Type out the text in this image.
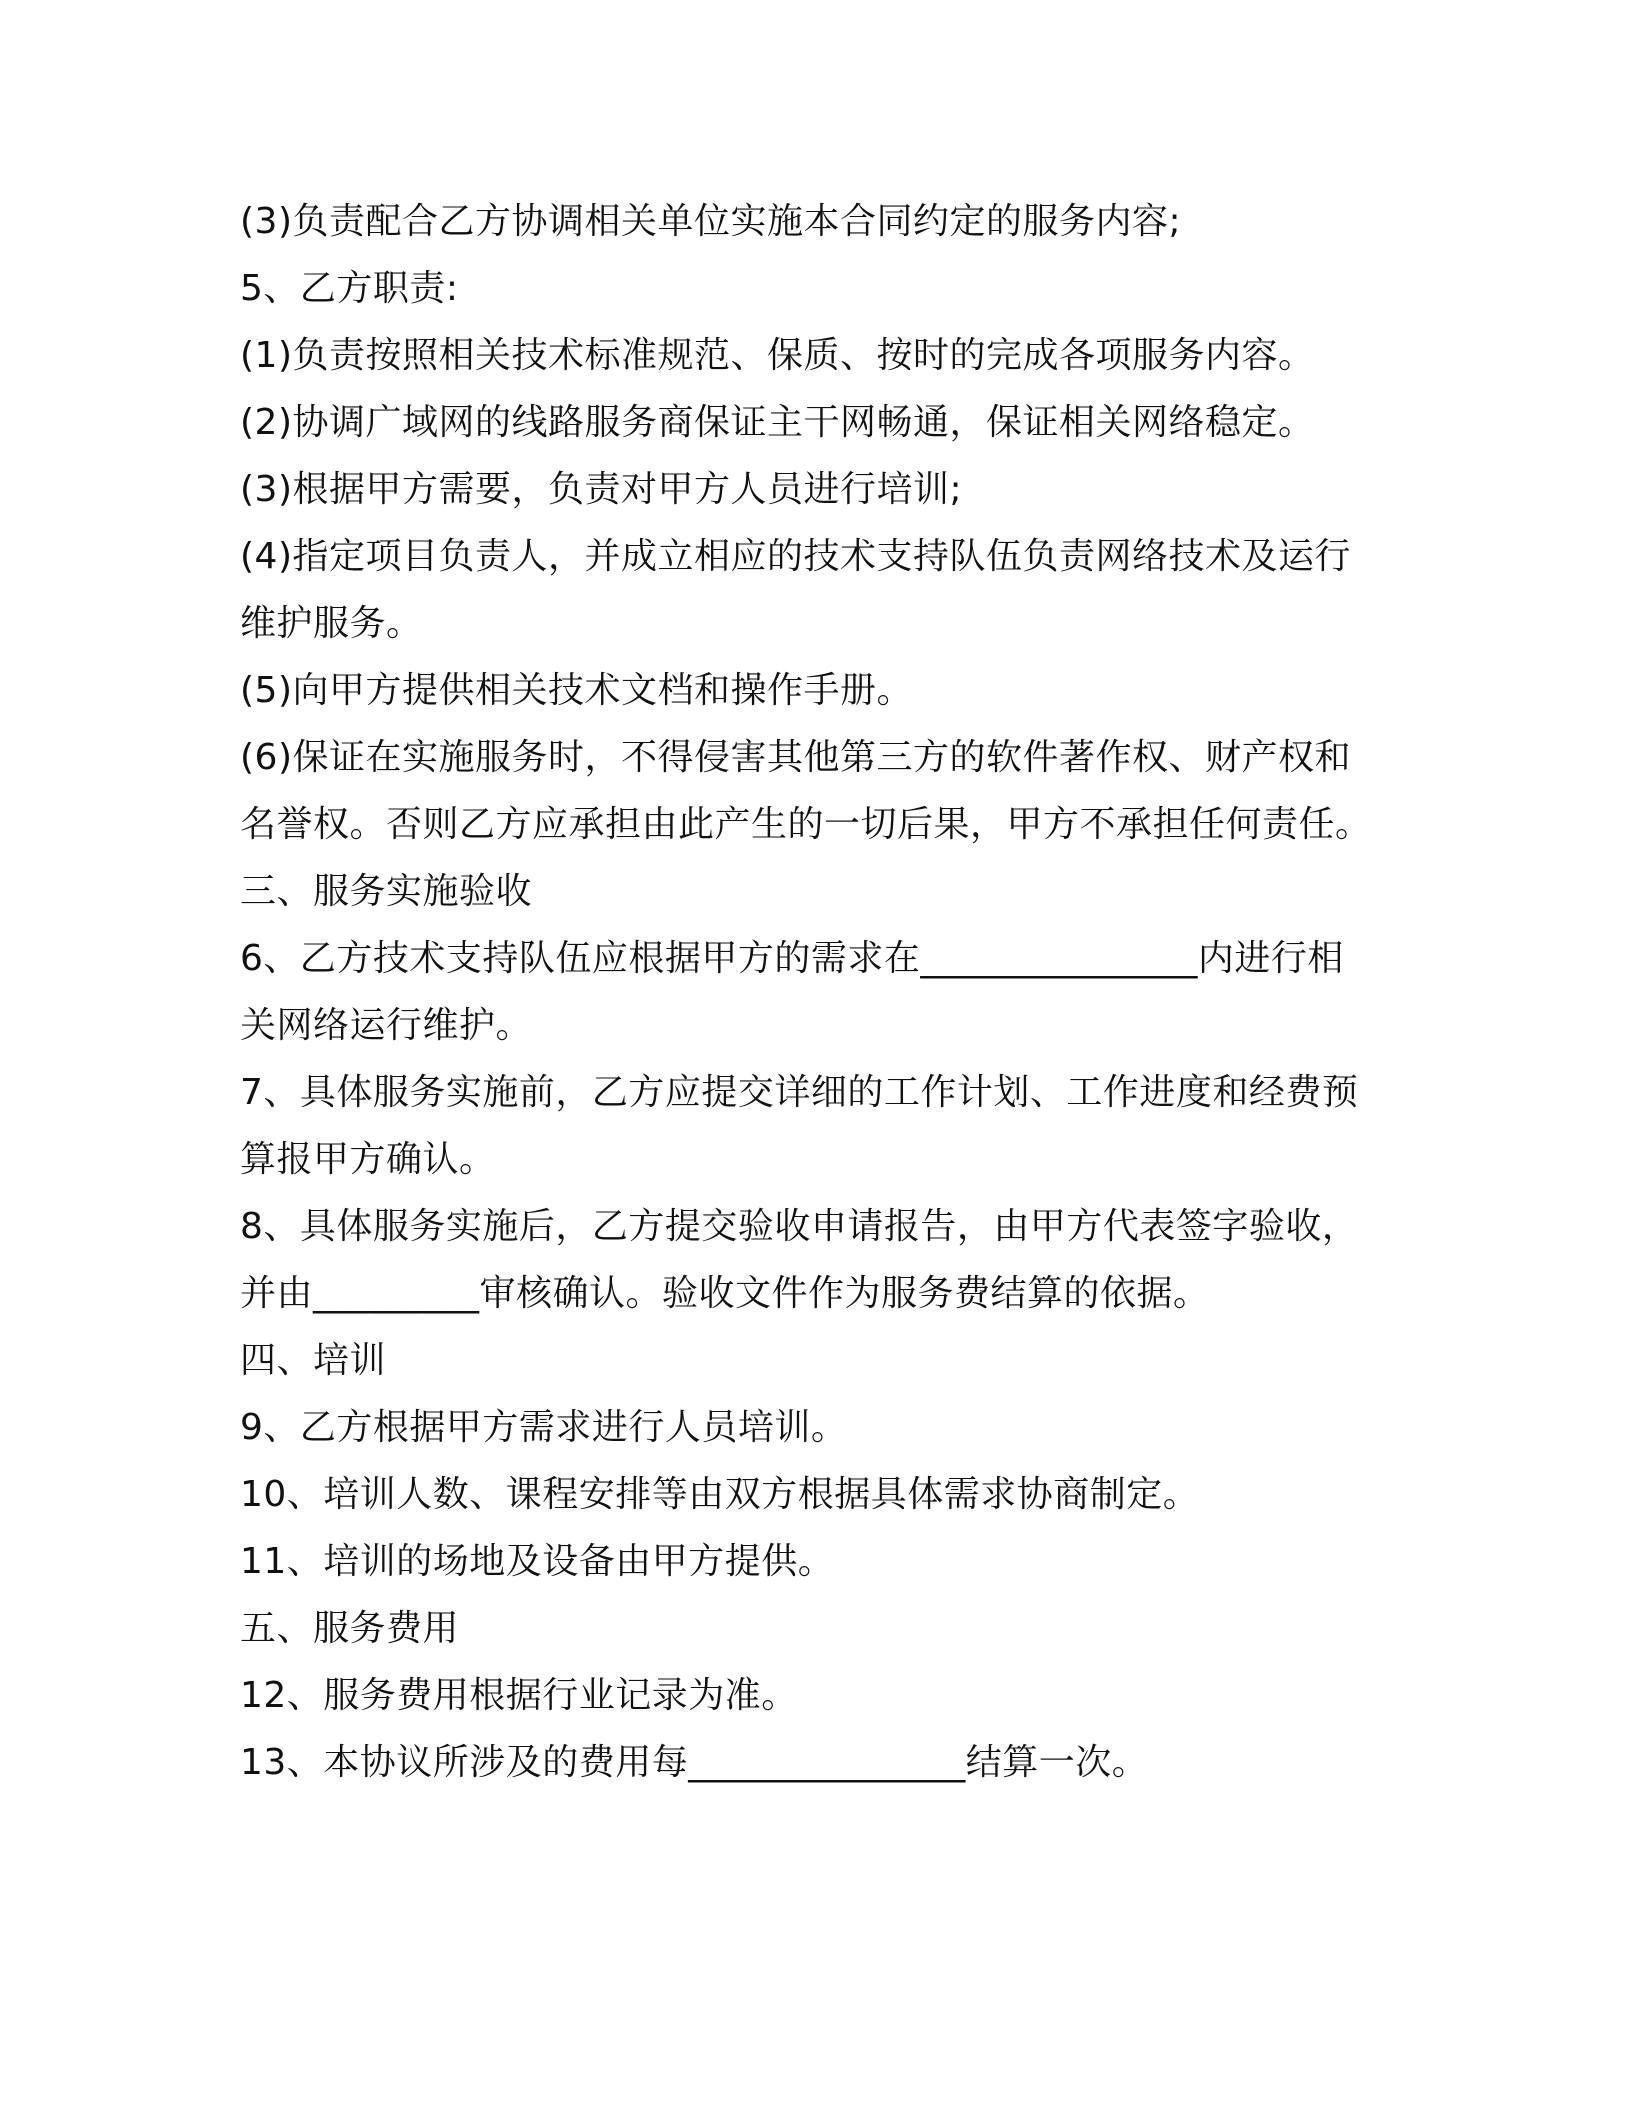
(3)负责配合乙方协调相关单位实施本合同约定的服务内容;
5、乙方职责:
(1)负责按照相关技术标准规范、保质、按时的完成各项服务内容。
(2)协调广域网的线路服务商保证主干网畅通，保证相关网络稳定。
(3)根据甲方需要，负责对甲方人员进行培训;
(4)指定项目负责人，并成立相应的技术支持队伍负责网络技术及运行
维护服务。
(5)向甲方提供相关技术文档和操作手册。
(6)保证在实施服务时，不得侵害其他第三方的软件著作权、财产权和
名誉权。否则乙方应承担由此产生的一切后果，甲方不承担任何责任。
三、服务实施验收
6、乙方技术支持队伍应根据甲方的需求在_______________内进行相
关网络运行维护。
7、具体服务实施前，乙方应提交详细的工作计划、工作进度和经费预
算报甲方确认。
8、具体服务实施后，乙方提交验收申请报告，由甲方代表签字验收，
并由_________审核确认。验收文件作为服务费结算的依据。
四、培训
9、乙方根据甲方需求进行人员培训。
10、培训人数、课程安排等由双方根据具体需求协商制定。
11、培训的场地及设备由甲方提供。
五、服务费用
12、服务费用根据行业记录为准。
13、本协议所涉及的费用每_______________结算一次。
